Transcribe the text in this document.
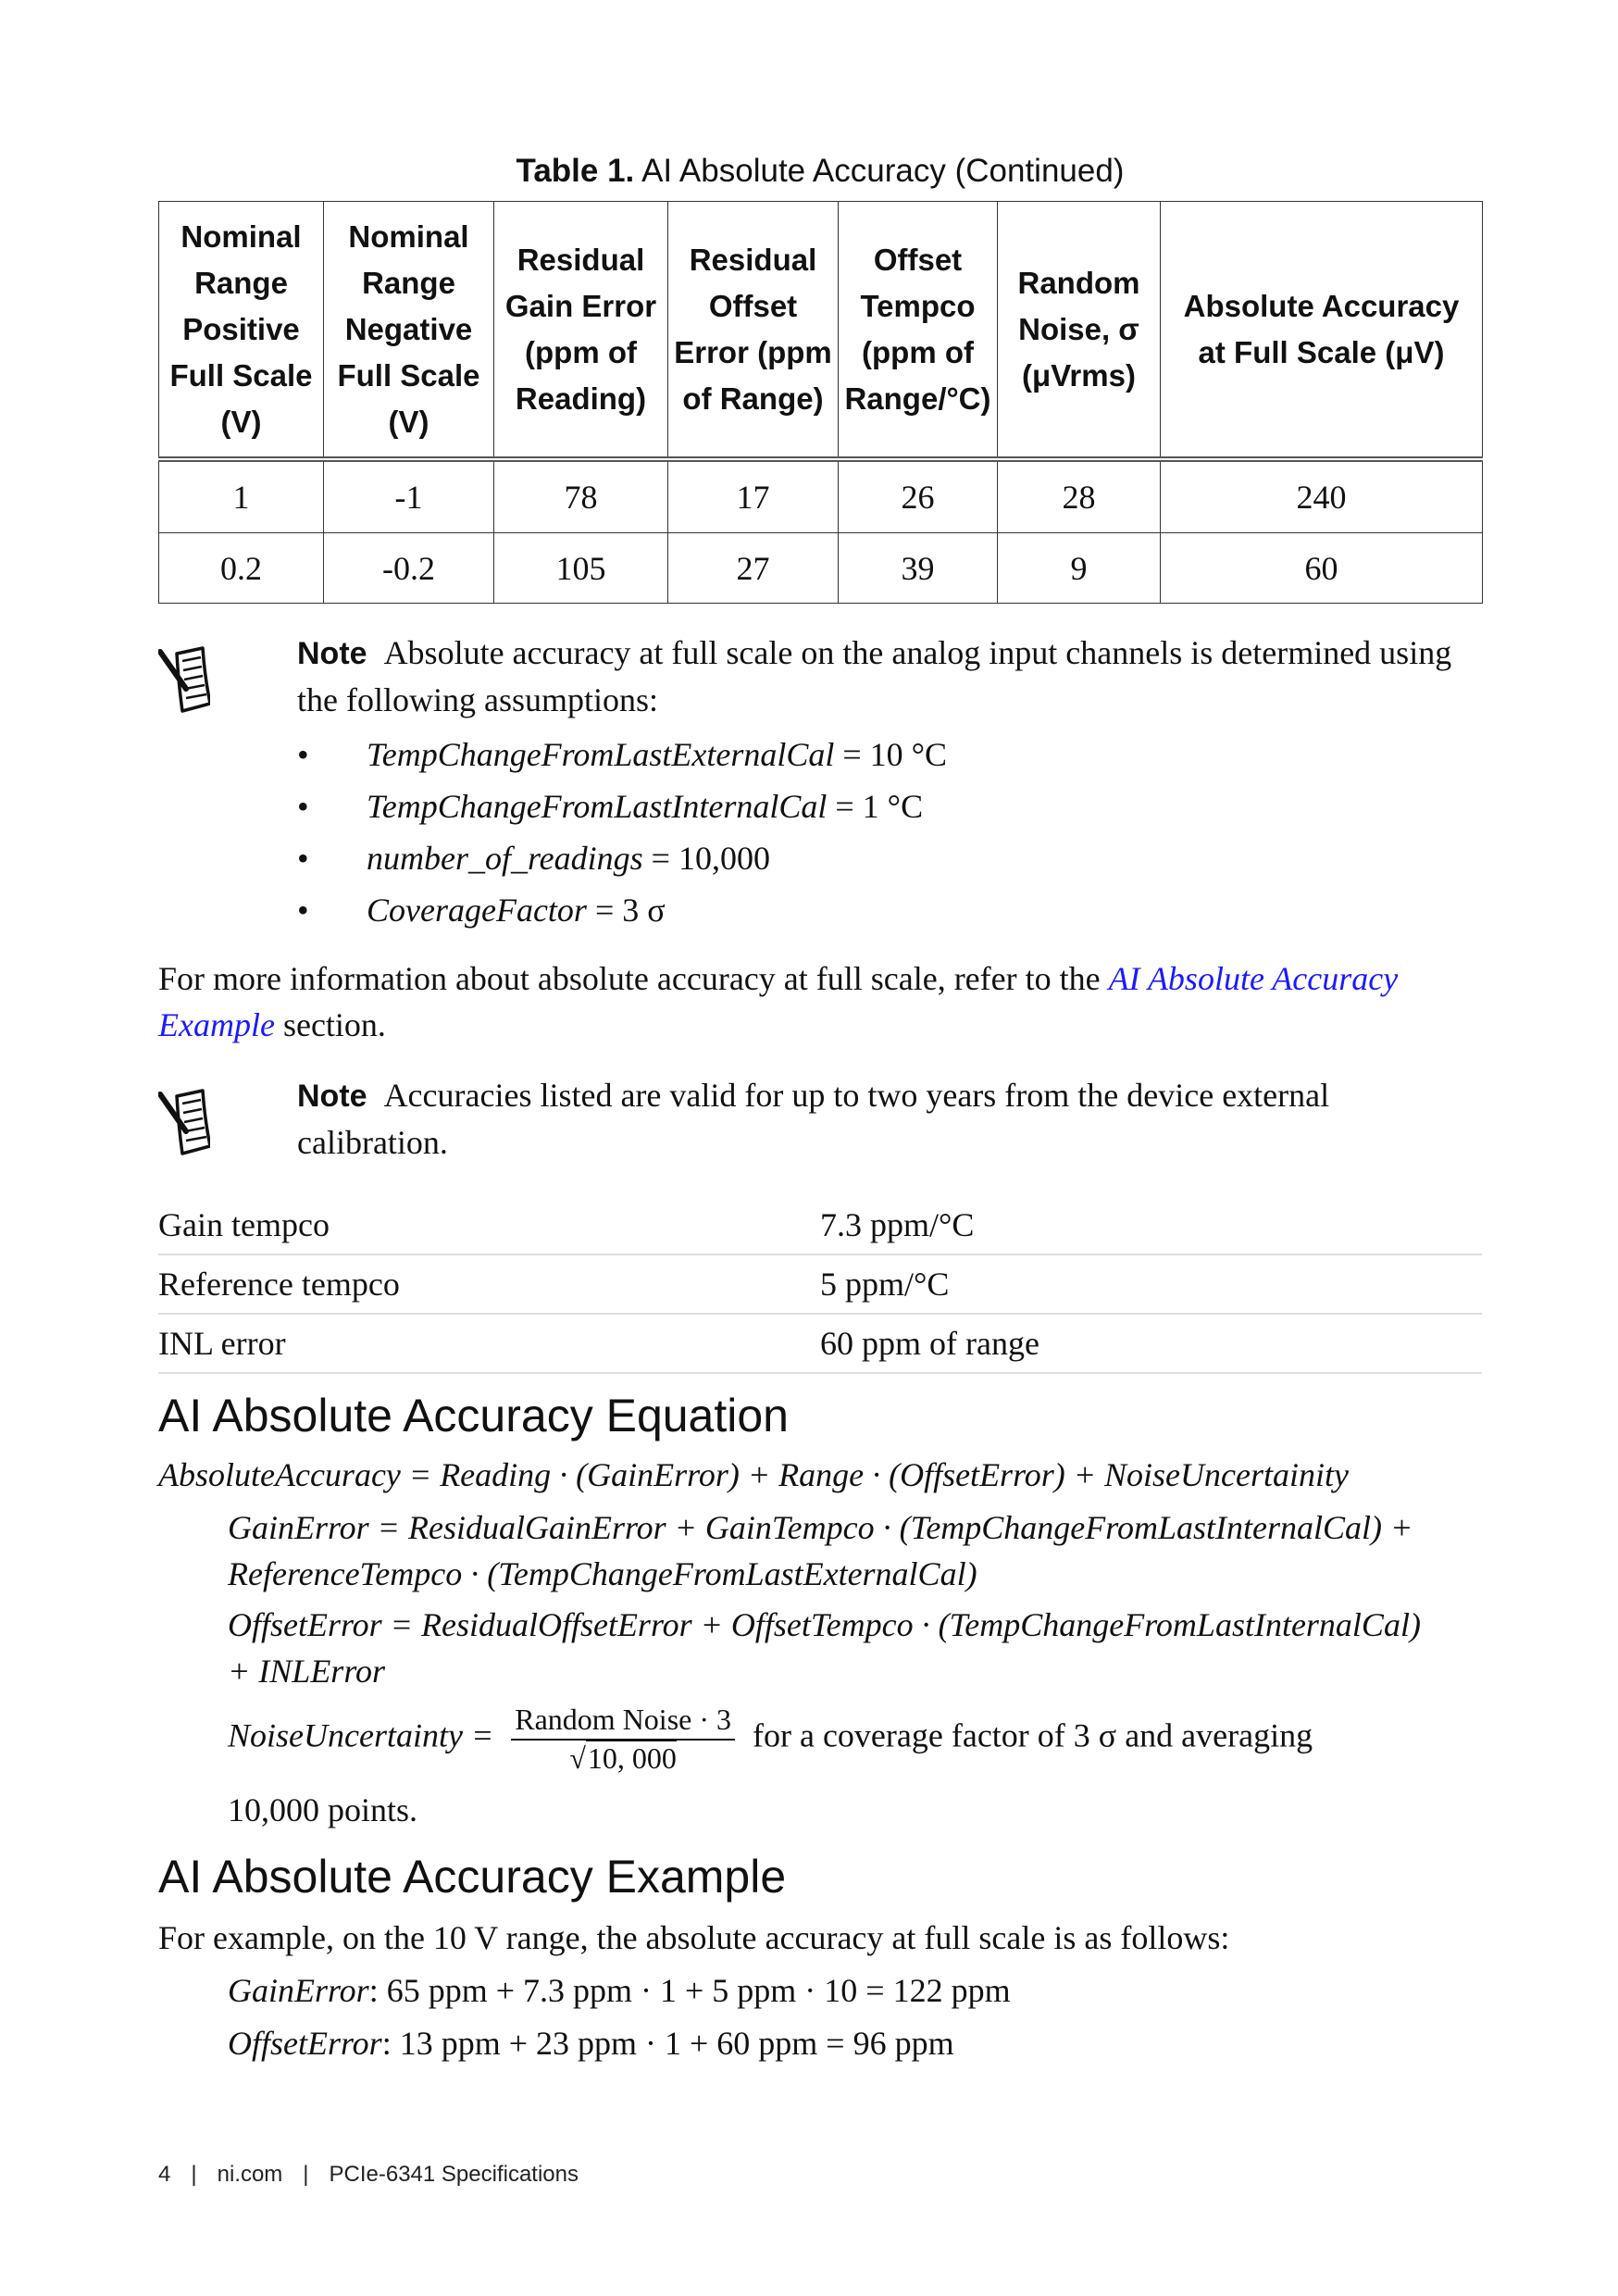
Table 1. AI Absolute Accuracy (Continued)
Nominal Range Positive Full Scale (V)	Nominal Range Negative Full Scale (V)	Residual Gain Error (ppm of Reading)	Residual Offset Error (ppm of Range)	Offset Tempco (ppm of Range/°C)	Random Noise, σ (μVrms)	Absolute Accuracy at Full Scale (μV)
1	-1	78	17	26	28	240
0.2	-0.2	105	27	39	9	60
Note Absolute accuracy at full scale on the analog input channels is determined using the following assumptions:
• TempChangeFromLastExternalCal = 10 °C
• TempChangeFromLastInternalCal = 1 °C
• number_of_readings = 10,000
• CoverageFactor = 3 σ
For more information about absolute accuracy at full scale, refer to the AI Absolute Accuracy Example section.
Note Accuracies listed are valid for up to two years from the device external calibration.
Gain tempco	7.3 ppm/°C
Reference tempco	5 ppm/°C
INL error	60 ppm of range
AI Absolute Accuracy Equation
AbsoluteAccuracy = Reading · (GainError) + Range · (OffsetError) + NoiseUncertainity
GainError = ResidualGainError + GainTempco · (TempChangeFromLastInternalCal) +
ReferenceTempco · (TempChangeFromLastExternalCal)
OffsetError = ResidualOffsetError + OffsetTempco · (TempChangeFromLastInternalCal)
+ INLError
NoiseUncertainty = $\frac{\text{Random Noise · 3}}{√10, 000}$ for a coverage factor of 3 σ and averaging
10,000 points.
AI Absolute Accuracy Example
For example, on the 10 V range, the absolute accuracy at full scale is as follows:
GainError: 65 ppm + 7.3 ppm · 1 + 5 ppm · 10 = 122 ppm
OffsetError: 13 ppm + 23 ppm · 1 + 60 ppm = 96 ppm
4 | ni.com | PCIe-6341 Specifications
